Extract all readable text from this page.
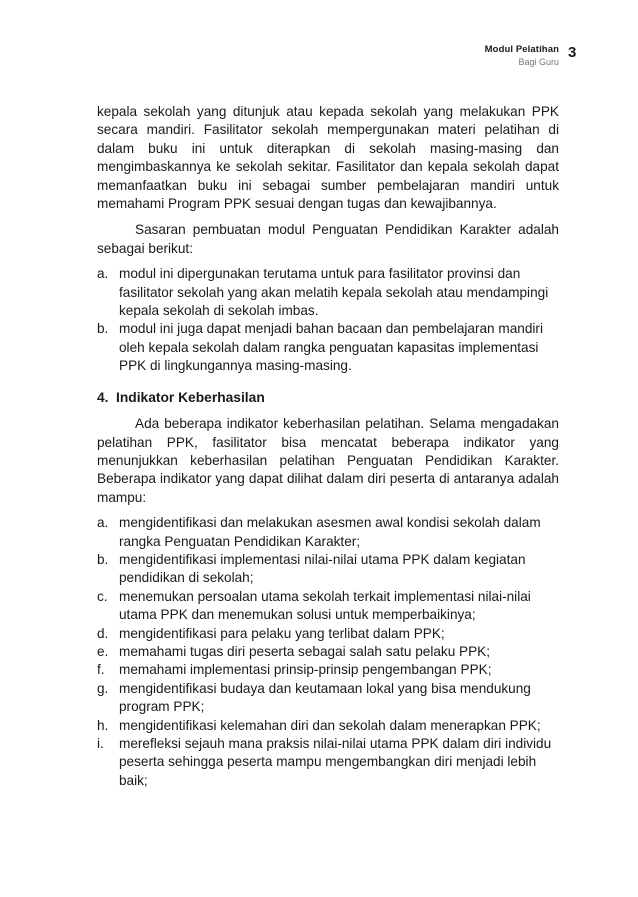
Modul Pelatihan
Bagi Guru
3

kepala sekolah yang ditunjuk atau kepada sekolah yang melakukan PPK secara mandiri. Fasilitator sekolah mempergunakan materi pelatihan di dalam buku ini untuk diterapkan di sekolah masing-masing dan mengimbaskannya ke sekolah sekitar. Fasilitator dan kepala sekolah dapat memanfaatkan buku ini sebagai sumber pembelajaran mandiri untuk memahami Program PPK sesuai dengan tugas dan kewajibannya.

Sasaran pembuatan modul Penguatan Pendidikan Karakter adalah sebagai berikut:

a. modul ini dipergunakan terutama untuk para fasilitator provinsi dan fasilitator sekolah yang akan melatih kepala sekolah atau mendampingi kepala sekolah di sekolah imbas.
b. modul ini juga dapat menjadi bahan bacaan dan pembelajaran mandiri oleh kepala sekolah dalam rangka penguatan kapasitas implementasi PPK di lingkungannya masing-masing.
4. Indikator Keberhasilan

Ada beberapa indikator keberhasilan pelatihan. Selama mengadakan pelatihan PPK, fasilitator bisa mencatat beberapa indikator yang menunjukkan keberhasilan pelatihan Penguatan Pendidikan Karakter. Beberapa indikator yang dapat dilihat dalam diri peserta di antaranya adalah mampu:

a. mengidentifikasi dan melakukan asesmen awal kondisi sekolah dalam rangka Penguatan Pendidikan Karakter;
b. mengidentifikasi implementasi nilai-nilai utama PPK dalam kegiatan pendidikan di sekolah;
c. menemukan persoalan utama sekolah terkait implementasi nilai-nilai utama PPK dan menemukan solusi untuk memperbaikinya;
d. mengidentifikasi para pelaku yang terlibat dalam PPK;
e. memahami tugas diri peserta sebagai salah satu pelaku PPK;
f. memahami implementasi prinsip-prinsip pengembangan PPK;
g. mengidentifikasi budaya dan keutamaan lokal yang bisa mendukung program PPK;
h. mengidentifikasi kelemahan diri dan sekolah dalam menerapkan PPK;
i. merefleksi sejauh mana praksis nilai-nilai utama PPK dalam diri individu peserta sehingga peserta mampu mengembangkan diri menjadi lebih baik;
